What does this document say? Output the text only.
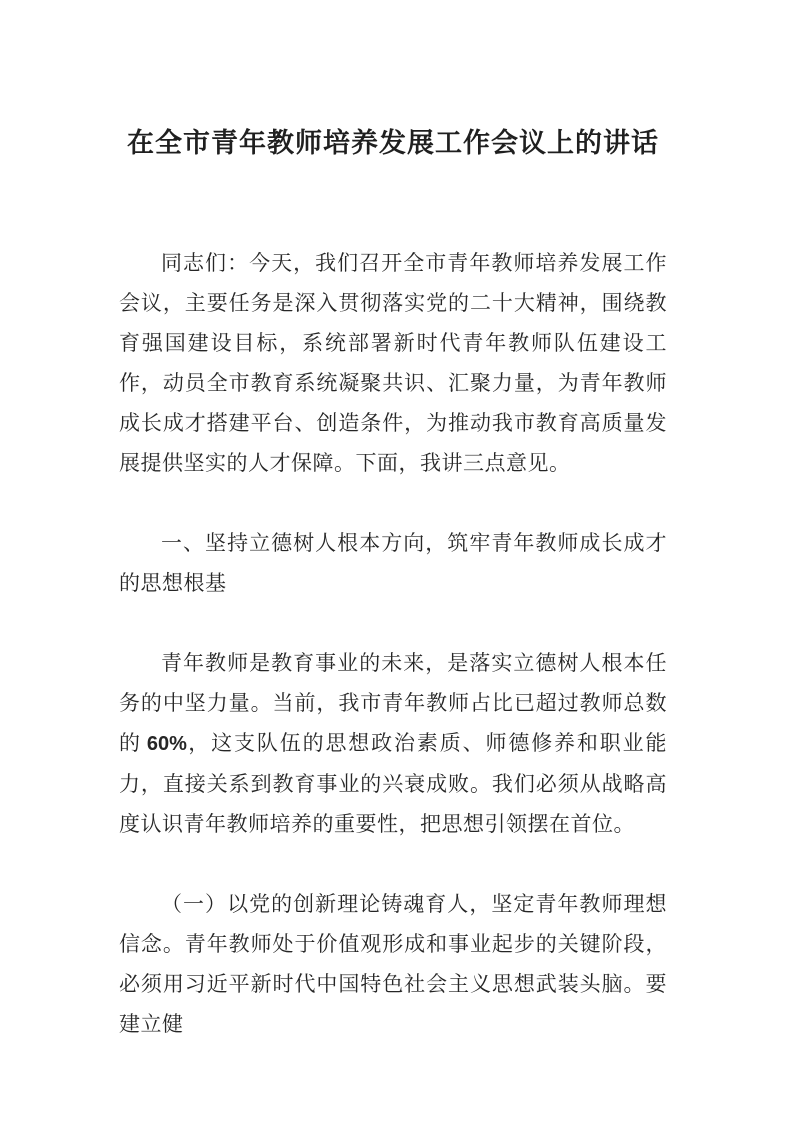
在全市青年教师培养发展工作会议上的讲话

同志们：今天，我们召开全市青年教师培养发展工作会议，主要任务是深入贯彻落实党的二十大精神，围绕教育强国建设目标，系统部署新时代青年教师队伍建设工作，动员全市教育系统凝聚共识、汇聚力量，为青年教师成长成才搭建平台、创造条件，为推动我市教育高质量发展提供坚实的人才保障。下面，我讲三点意见。

一、坚持立德树人根本方向，筑牢青年教师成长成才的思想根基

青年教师是教育事业的未来，是落实立德树人根本任务的中坚力量。当前，我市青年教师占比已超过教师总数的 60%，这支队伍的思想政治素质、师德修养和职业能力，直接关系到教育事业的兴衰成败。我们必须从战略高度认识青年教师培养的重要性，把思想引领摆在首位。

（一）以党的创新理论铸魂育人，坚定青年教师理想信念。青年教师处于价值观形成和事业起步的关键阶段，必须用习近平新时代中国特色社会主义思想武装头脑。要建立健
